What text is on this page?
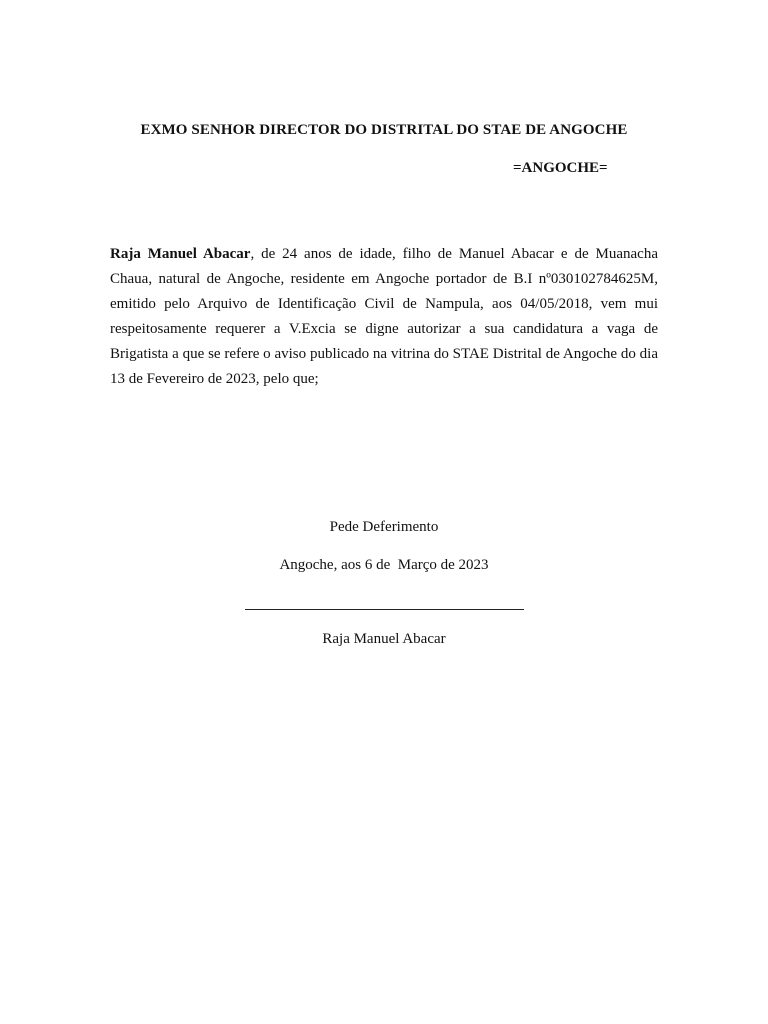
EXMO SENHOR DIRECTOR DO DISTRITAL DO STAE DE ANGOCHE
=ANGOCHE=
Raja Manuel Abacar, de 24 anos de idade, filho de Manuel Abacar e de Muanacha Chaua, natural de Angoche, residente em Angoche portador de B.I nº030102784625M, emitido pelo Arquivo de Identificação Civil de Nampula, aos 04/05/2018, vem mui respeitosamente requerer a V.Excia se digne autorizar a sua candidatura a vaga de Brigatista a que se refere o aviso publicado na vitrina do STAE Distrital de Angoche do dia 13 de Fevereiro de 2023, pelo que;
Pede Deferimento
Angoche, aos 6 de  Março de 2023
Raja Manuel Abacar
